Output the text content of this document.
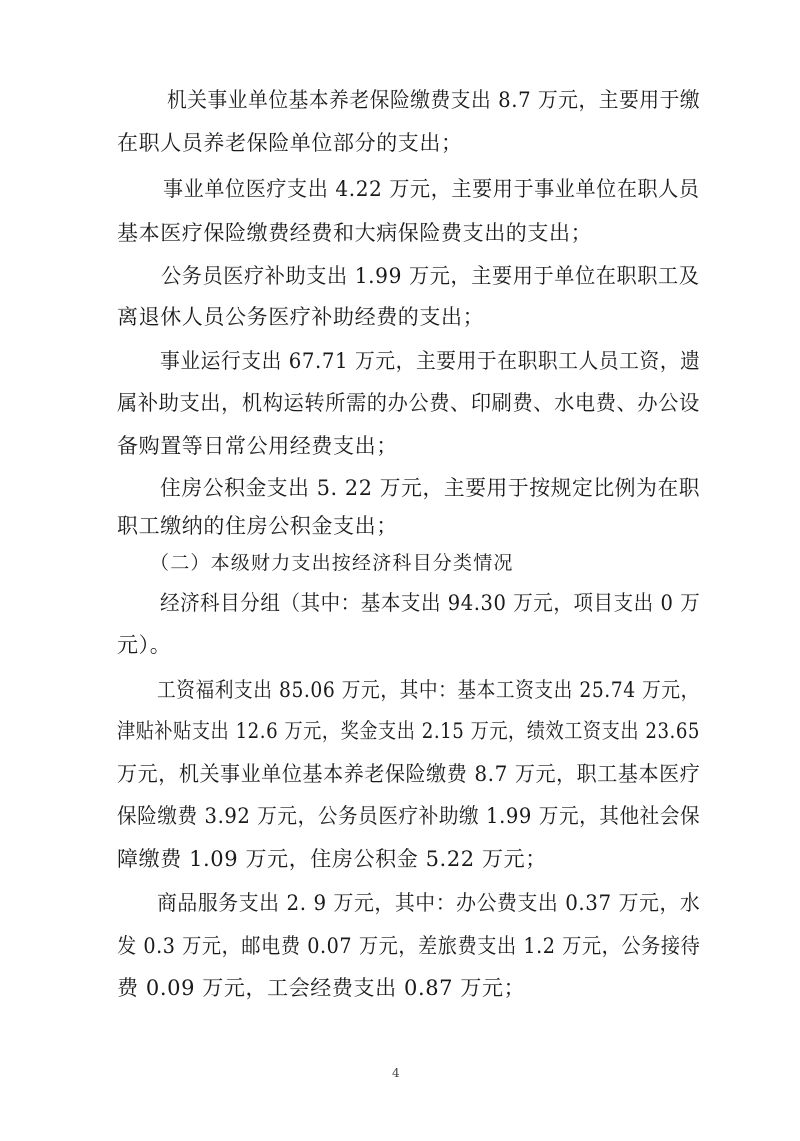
机关事业单位基本养老保险缴费支出 8.7 万元，主要用于缴
在职人员养老保险单位部分的支出；
事业单位医疗支出 4.22 万元，主要用于事业单位在职人员
基本医疗保险缴费经费和大病保险费支出的支出；
公务员医疗补助支出 1.99 万元，主要用于单位在职职工及
离退休人员公务医疗补助经费的支出；
事业运行支出 67.71 万元，主要用于在职职工人员工资，遗
属补助支出，机构运转所需的办公费、印刷费、水电费、办公设
备购置等日常公用经费支出；
住房公积金支出 5. 22 万元，主要用于按规定比例为在职
职工缴纳的住房公积金支出；
（二）本级财力支出按经济科目分类情况
经济科目分组（其中：基本支出 94.30 万元，项目支出 0 万
元）。
工资福利支出 85.06 万元，其中：基本工资支出 25.74 万元，
津贴补贴支出 12.6 万元，奖金支出 2.15 万元，绩效工资支出 23.65
万元，机关事业单位基本养老保险缴费 8.7 万元，职工基本医疗
保险缴费 3.92 万元，公务员医疗补助缴 1.99 万元，其他社会保
障缴费 1.09 万元，住房公积金 5.22 万元；
商品服务支出 2. 9 万元，其中：办公费支出 0.37 万元，水
发 0.3 万元，邮电费 0.07 万元，差旅费支出 1.2 万元，公务接待
费 0.09 万元，工会经费支出 0.87 万元；
4
